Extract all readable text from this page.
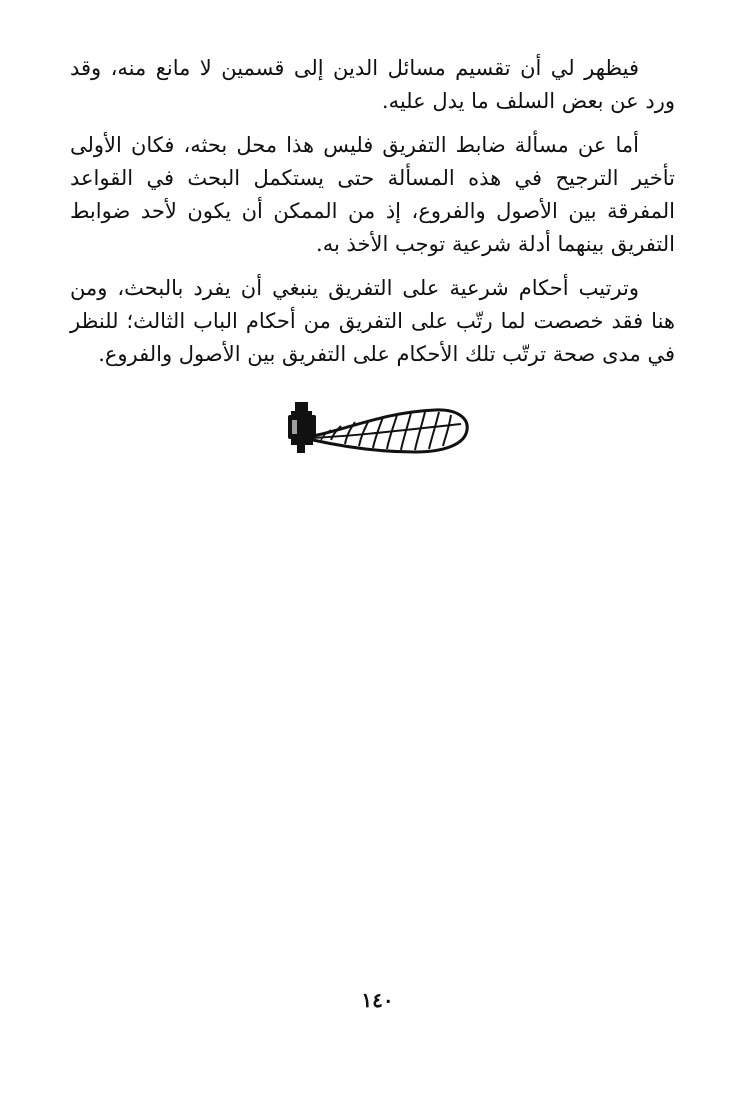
فيظهر لي أن تقسيم مسائل الدين إلى قسمين لا مانع منه، وقد ورد عن بعض السلف ما يدل عليه.

أما عن مسألة ضابط التفريق فليس هذا محل بحثه، فكان الأولى تأخير الترجيح في هذه المسألة حتى يستكمل البحث في القواعد المفرقة بين الأصول والفروع، إذ من الممكن أن يكون لأحد ضوابط التفريق بينهما أدلة شرعية توجب الأخذ به.

وترتيب أحكام شرعية على التفريق ينبغي أن يفرد بالبحث، ومن هنا فقد خصصت لما رتّب على التفريق من أحكام الباب الثالث؛ للنظر في مدى صحة ترتّب تلك الأحكام على التفريق بين الأصول والفروع.

١٤٠
